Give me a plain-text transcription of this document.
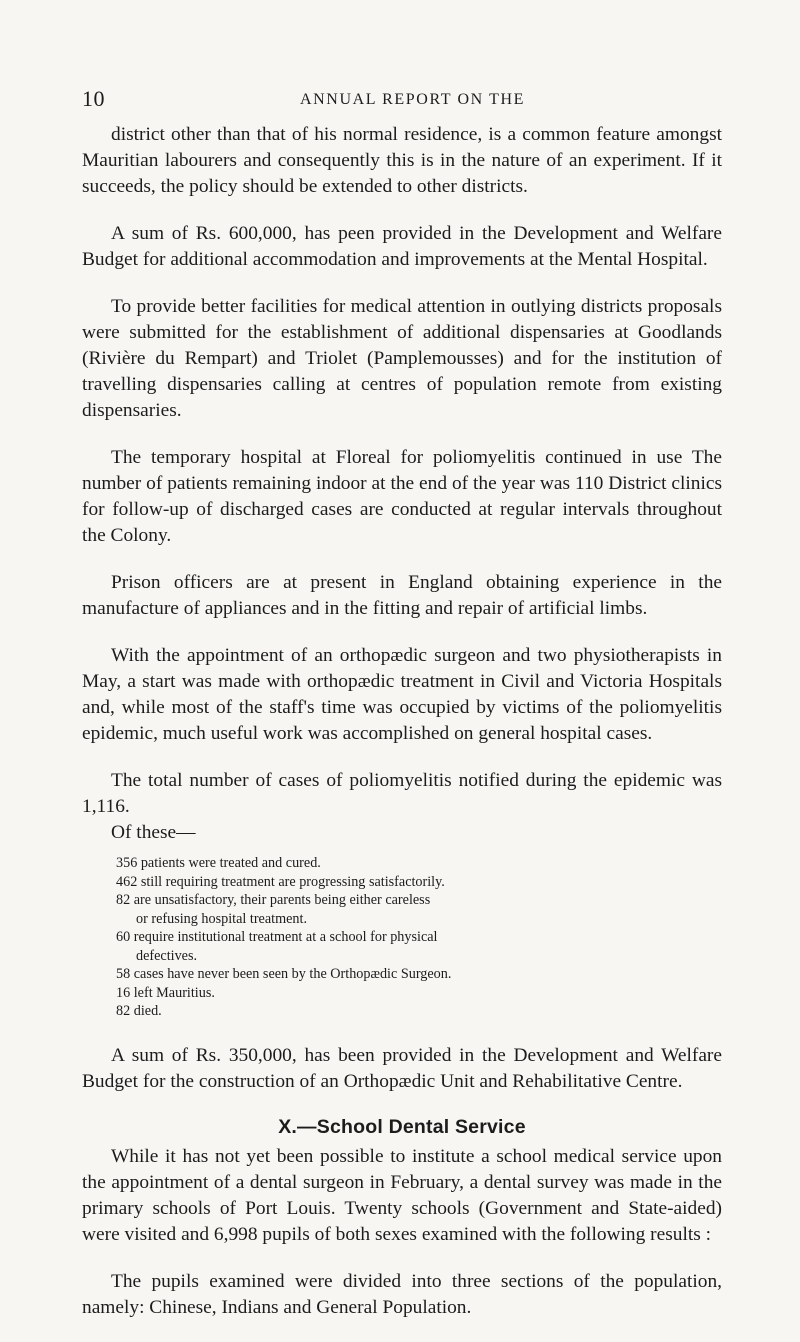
10	ANNUAL REPORT ON THE

district other than that of his normal residence, is a common feature amongst Mauritian labourers and consequently this is in the nature of an experiment. If it succeeds, the policy should be extended to other districts.

A sum of Rs. 600,000, has peen provided in the Development and Welfare Budget for additional accommodation and improvements at the Mental Hospital.

To provide better facilities for medical attention in outlying districts proposals were submitted for the establishment of additional dispensaries at Goodlands (Rivière du Rempart) and Triolet (Pamplemousses) and for the institution of travelling dispensaries calling at centres of population remote from existing dispensaries.

The temporary hospital at Floreal for poliomyelitis continued in use The number of patients remaining indoor at the end of the year was 110 District clinics for follow-up of discharged cases are conducted at regular intervals throughout the Colony.

Prison officers are at present in England obtaining experience in the manufacture of appliances and in the fitting and repair of artificial limbs.

With the appointment of an orthopædic surgeon and two physiotherapists in May, a start was made with orthopædic treatment in Civil and Victoria Hospitals and, while most of the staff's time was occupied by victims of the poliomyelitis epidemic, much useful work was accomplished on general hospital cases.

The total number of cases of poliomyelitis notified during the epidemic was 1,116.

Of these—

356 patients were treated and cured.
462 still requiring treatment are progressing satisfactorily.
82 are unsatisfactory, their parents being either careless
or refusing hospital treatment.
60 require institutional treatment at a school for physical
defectives.
58 cases have never been seen by the Orthopædic Surgeon.
16 left Mauritius.
82 died.

A sum of Rs. 350,000, has been provided in the Development and Welfare Budget for the construction of an Orthopædic Unit and Rehabilitative Centre.

X.—School Dental Service

While it has not yet been possible to institute a school medical service upon the appointment of a dental surgeon in February, a dental survey was made in the primary schools of Port Louis. Twenty schools (Government and State-aided) were visited and 6,998 pupils of both sexes examined with the following results :

The pupils examined were divided into three sections of the population, namely: Chinese, Indians and General Population.
